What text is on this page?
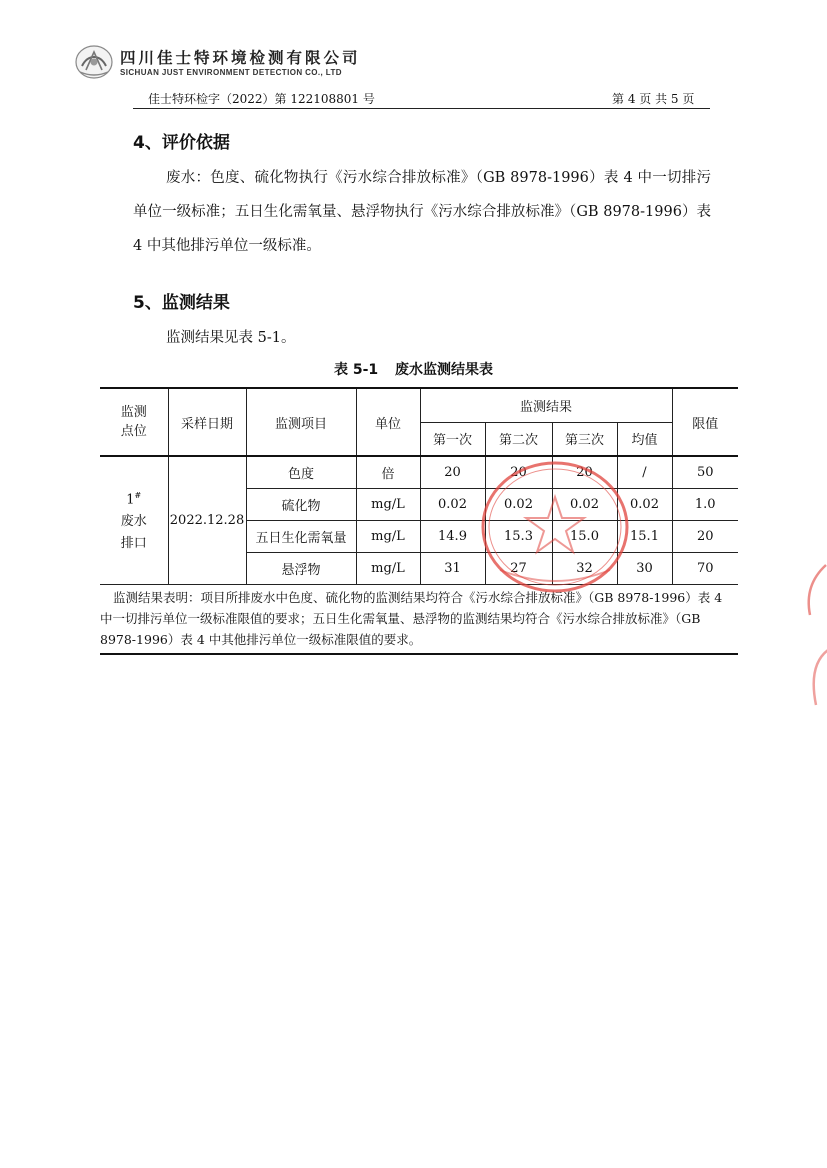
四川佳士特环境检测有限公司
SICHUAN JUST ENVIRONMENT DETECTION CO., LTD
佳士特环检字（2022）第 122108801 号	第 4 页 共 5 页
4、评价依据
废水：色度、硫化物执行《污水综合排放标准》（GB 8978-1996）表 4 中一切排污单位一级标准；五日生化需氧量、悬浮物执行《污水综合排放标准》（GB 8978-1996）表 4 中其他排污单位一级标准。
5、监测结果
监测结果见表 5-1。
表 5-1 废水监测结果表
监测点位	采样日期	监测项目	单位	监测结果				限值
				第一次	第二次	第三次	均值	
1#
废水
排口	2022.12.28	色度	倍	20	20	20	/	50
		硫化物	mg/L	0.02	0.02	0.02	0.02	1.0
		五日生化需氧量	mg/L	14.9	15.3	15.0	15.1	20
		悬浮物	mg/L	31	27	32	30	70
监测结果表明：项目所排废水中色度、硫化物的监测结果均符合《污水综合排放标准》（GB 8978-1996）表 4 中一切排污单位一级标准限值的要求；五日生化需氧量、悬浮物的监测结果均符合《污水综合排放标准》（GB 8978-1996）表 4 中其他排污单位一级标准限值的要求。								
